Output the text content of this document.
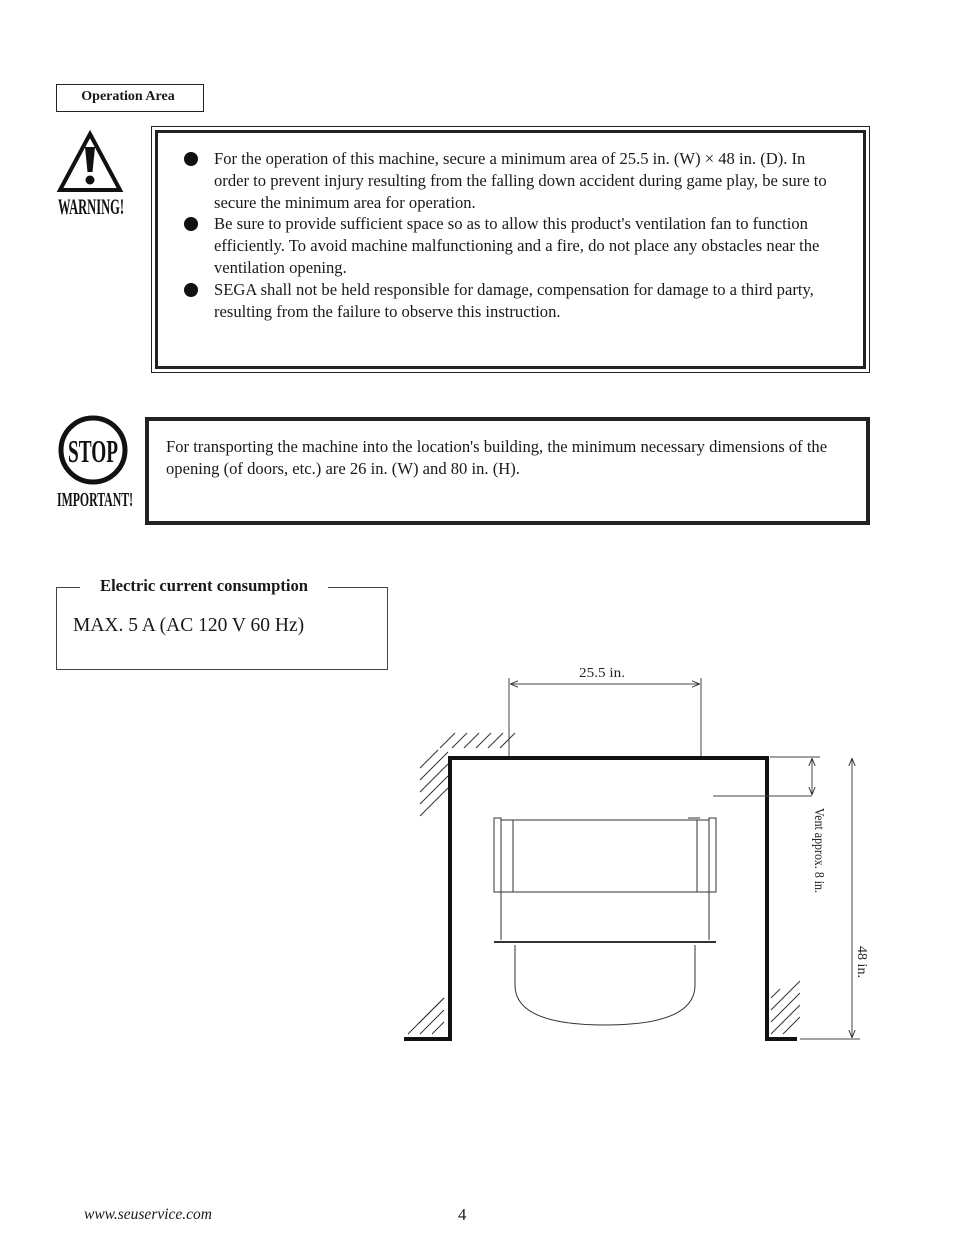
Operation Area
WARNING!
For the operation of this machine, secure a minimum area of 25.5 in. (W) × 48 in. (D). In order to prevent injury resulting from the falling down accident during game play, be sure to secure the minimum area for operation.
Be sure to provide sufficient space so as to allow this product's ventilation fan to function efficiently. To avoid machine malfunctioning and a fire, do not place any obstacles near the ventilation opening.
SEGA shall not be held responsible for damage, compensation for damage to a third party, resulting from the failure to observe this instruction.
STOP
IMPORTANT!
For transporting the machine into the location's building, the minimum necessary dimensions of the opening (of doors, etc.) are 26 in. (W) and 80 in. (H).
Electric current consumption
MAX. 5 A (AC 120 V 60 Hz)
25.5 in.
Vent approx. 8 in.
48 in.
www.seuservice.com	4
